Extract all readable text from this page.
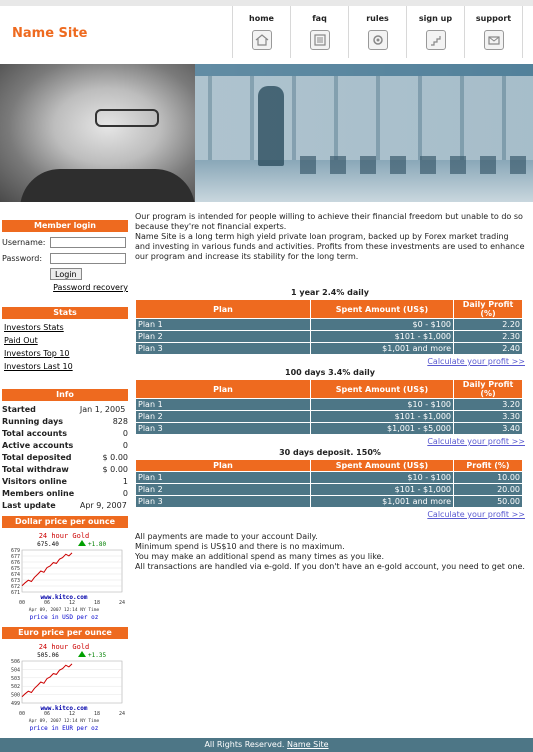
Name Site
home	faq	rules	sign up	support
Member login
Username:
Password:
Login
Password recovery
Stats
Investors Stats
Paid Out
Investors Top 10
Investors Last 10
Info
Started	Jan 1, 2005
Running days	828
Total accounts	0
Active accounts	0
Total deposited	$ 0.00
Total withdraw	$ 0.00
Visitors online	1
Members online	0
Last update	Apr 9, 2007
Dollar price per ounce
24 hour Gold
675.40	+1.80
679
677
676
675
674
673
672
671
00	06	12	18	24
www.kitco.com
Apr 09, 2007 12:14 NY Time
price in USD per oz
Euro price per ounce
24 hour Gold
505.06	+1.35
506
504
503
502
500
499
00	06	12	18	24
www.kitco.com
Apr 09, 2007 12:14 NY Time
price in EUR per oz
Our program is intended for people willing to achieve their financial freedom but unable to do so because they're not financial experts.
Name Site is a long term high yield private loan program, backed up by Forex market trading and investing in various funds and activities. Profits from these investments are used to enhance our program and increase its stability for the long term.
1 year 2.4% daily
Plan	Spent Amount (US$)	Daily Profit (%)
Plan 1	$0 - $100	2.20
Plan 2	$101 - $1,000	2.30
Plan 3	$1,001 and more	2.40
Calculate your profit >>
100 days 3.4% daily
Plan	Spent Amount (US$)	Daily Profit (%)
Plan 1	$10 - $100	3.20
Plan 2	$101 - $1,000	3.30
Plan 3	$1,001 - $5,000	3.40
Calculate your profit >>
30 days deposit. 150%
Plan	Spent Amount (US$)	Profit (%)
Plan 1	$10 - $100	10.00
Plan 2	$101 - $1,000	20.00
Plan 3	$1,001 and more	50.00
Calculate your profit >>
All payments are made to your account Daily.
Minimum spend is US$10 and there is no maximum.
You may make an additional spend as many times as you like.
All transactions are handled via e-gold. If you don't have an e-gold account, you need to get one.
All Rights Reserved. Name Site
